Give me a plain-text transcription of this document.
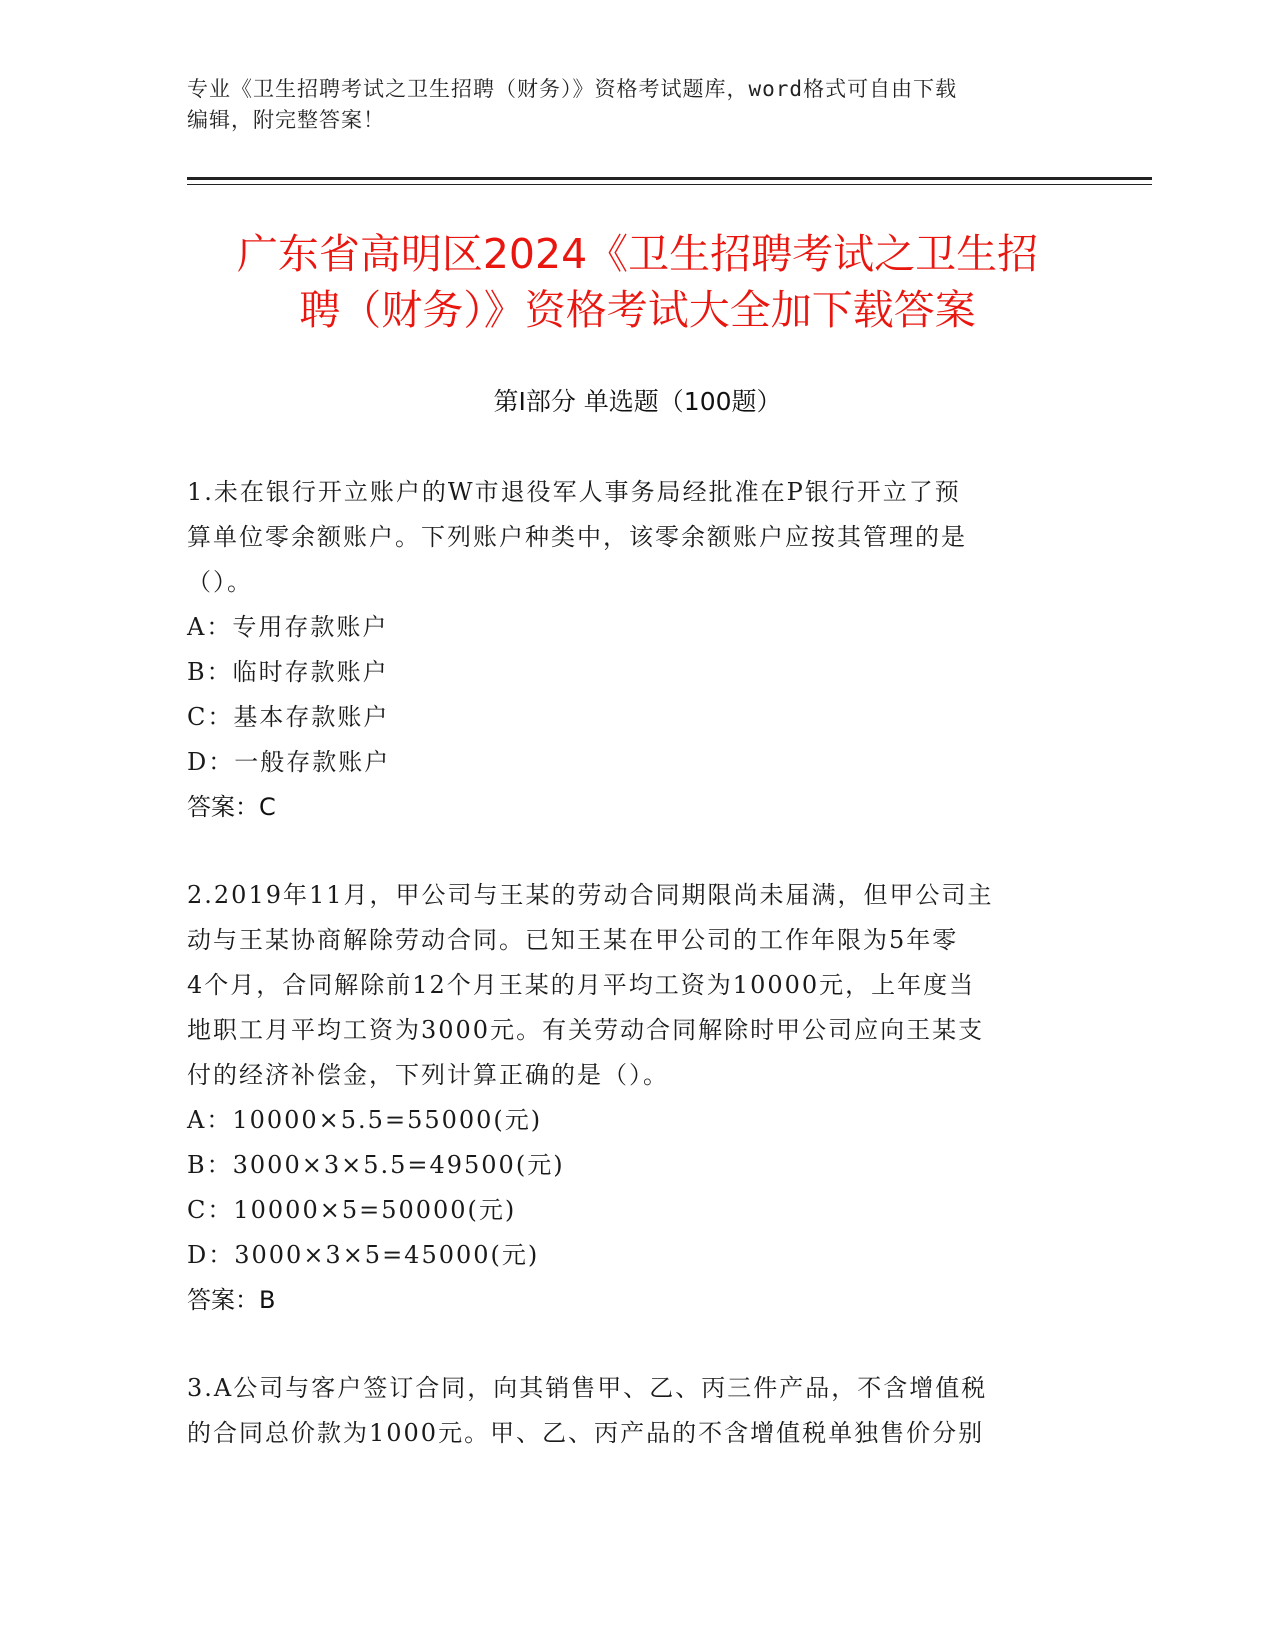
专业《卫生招聘考试之卫生招聘（财务）》资格考试题库，word格式可自由下载
编辑，附完整答案！
广东省高明区2024《卫生招聘考试之卫生招
聘（财务）》资格考试大全加下载答案
第Ⅰ部分 单选题（100题）
1.未在银行开立账户的W市退役军人事务局经批准在P银行开立了预
算单位零余额账户。下列账户种类中，该零余额账户应按其管理的是
（）。
A：专用存款账户
B：临时存款账户
C：基本存款账户
D：一般存款账户
答案：C
2.2019年11月，甲公司与王某的劳动合同期限尚未届满，但甲公司主
动与王某协商解除劳动合同。已知王某在甲公司的工作年限为5年零
4个月，合同解除前12个月王某的月平均工资为10000元，上年度当
地职工月平均工资为3000元。有关劳动合同解除时甲公司应向王某支
付的经济补偿金，下列计算正确的是（）。
A：10000×5.5=55000(元)
B：3000×3×5.5=49500(元)
C：10000×5=50000(元)
D：3000×3×5=45000(元)
答案：B
3.A公司与客户签订合同，向其销售甲、乙、丙三件产品，不含增值税
的合同总价款为1000元。甲、乙、丙产品的不含增值税单独售价分别
